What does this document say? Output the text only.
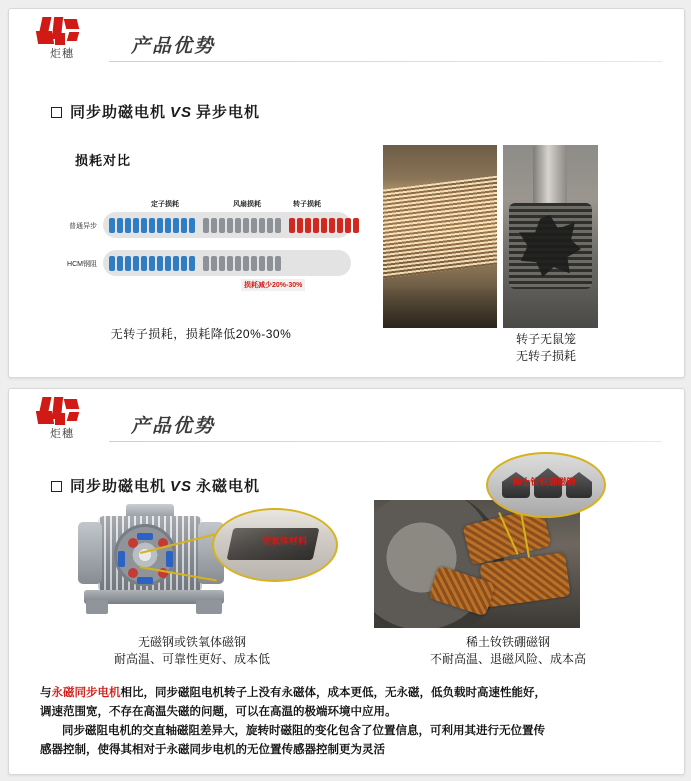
炬穗	产品优势
同步助磁电机 VS 异步电机
损耗对比
定子损耗	风扇损耗	转子损耗
普通异步
HCM钢阻
损耗减少20%-30%
无转子损耗，损耗降低20%-30%	转子无鼠笼
无转子损耗
炬穗	产品优势
同步助磁电机 VS 永磁电机
铁氧体材料
稀土钕铁硼磁钢
无磁钢或铁氧体磁钢
耐高温、可靠性更好、成本低
稀土钕铁硼磁钢
不耐高温、退磁风险、成本高

与永磁同步电机相比，同步磁阻电机转子上没有永磁体，成本更低，无永磁，低负载时高速性能好，

调速范围宽，不存在高温失磁的问题，可以在高温的极端环境中应用。

同步磁阻电机的交直轴磁阻差异大，旋转时磁阻的变化包含了位置信息，可利用其进行无位置传

感器控制，使得其相对于永磁同步电机的无位置传感器控制更为灵活
